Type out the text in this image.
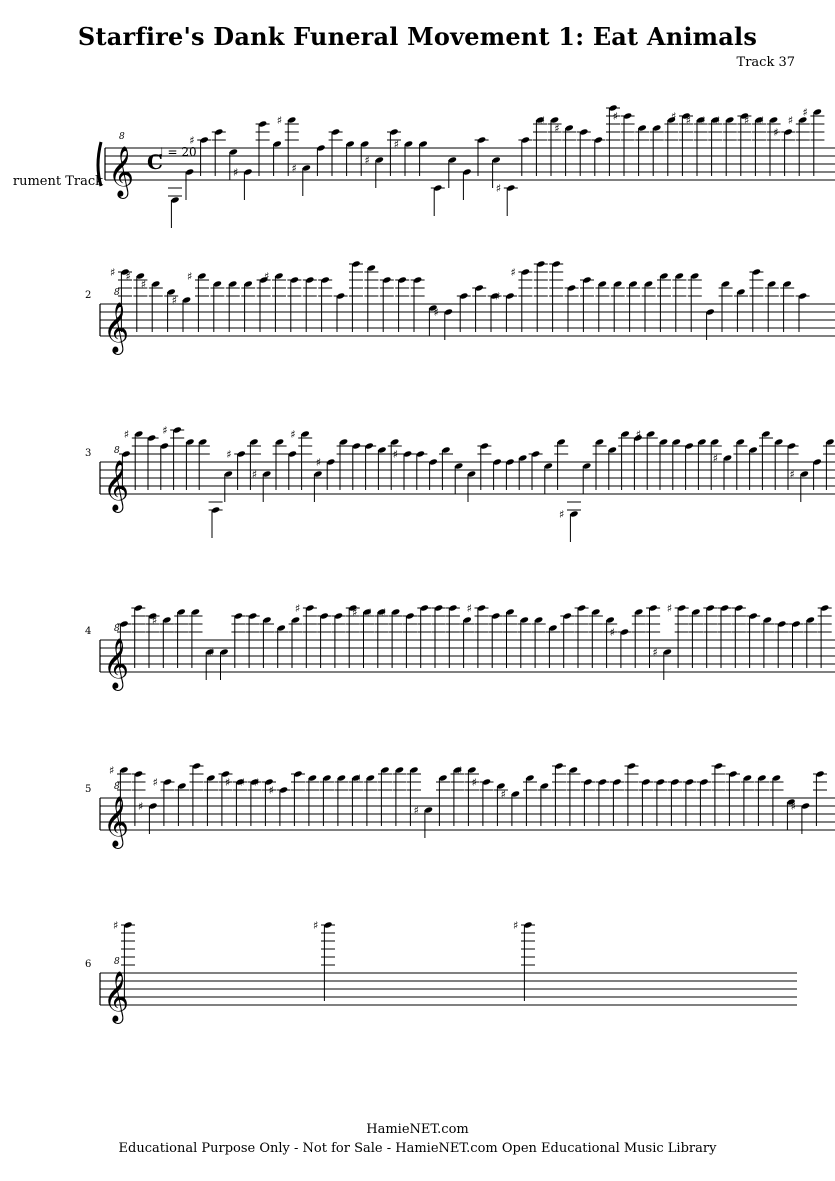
Starfire's Dank Funeral Movement 1: Eat Animals
Track 37
rument Track
♩ = 20
𝄞
8
C
♯
♯
♯
♯
♯
♯
♯
♯
♯
♯	♯ ♯ ♯ ♯ ♯ ♯
♯
♯
♯
𝄞
8
2
♯ ♯
♯
♯
♯	♯
♯
♯
♯
𝄞
8
3
♯	♯
♯
♯
♯
♯
♯
♯
♯
♯
♯
𝄞
8
4
♯
♯
♯	♯ ♯ ♯	♯
♯
♯
♯
𝄞
8
5
♯
♯
♯	♯ ♯ ♯
♯
♯
♯
♯
♯
♯
♯
𝄞
8
6
♯	♯	♯
HamieNET.com
Educational Purpose Only - Not for Sale - HamieNET.com Open Educational Music Library
